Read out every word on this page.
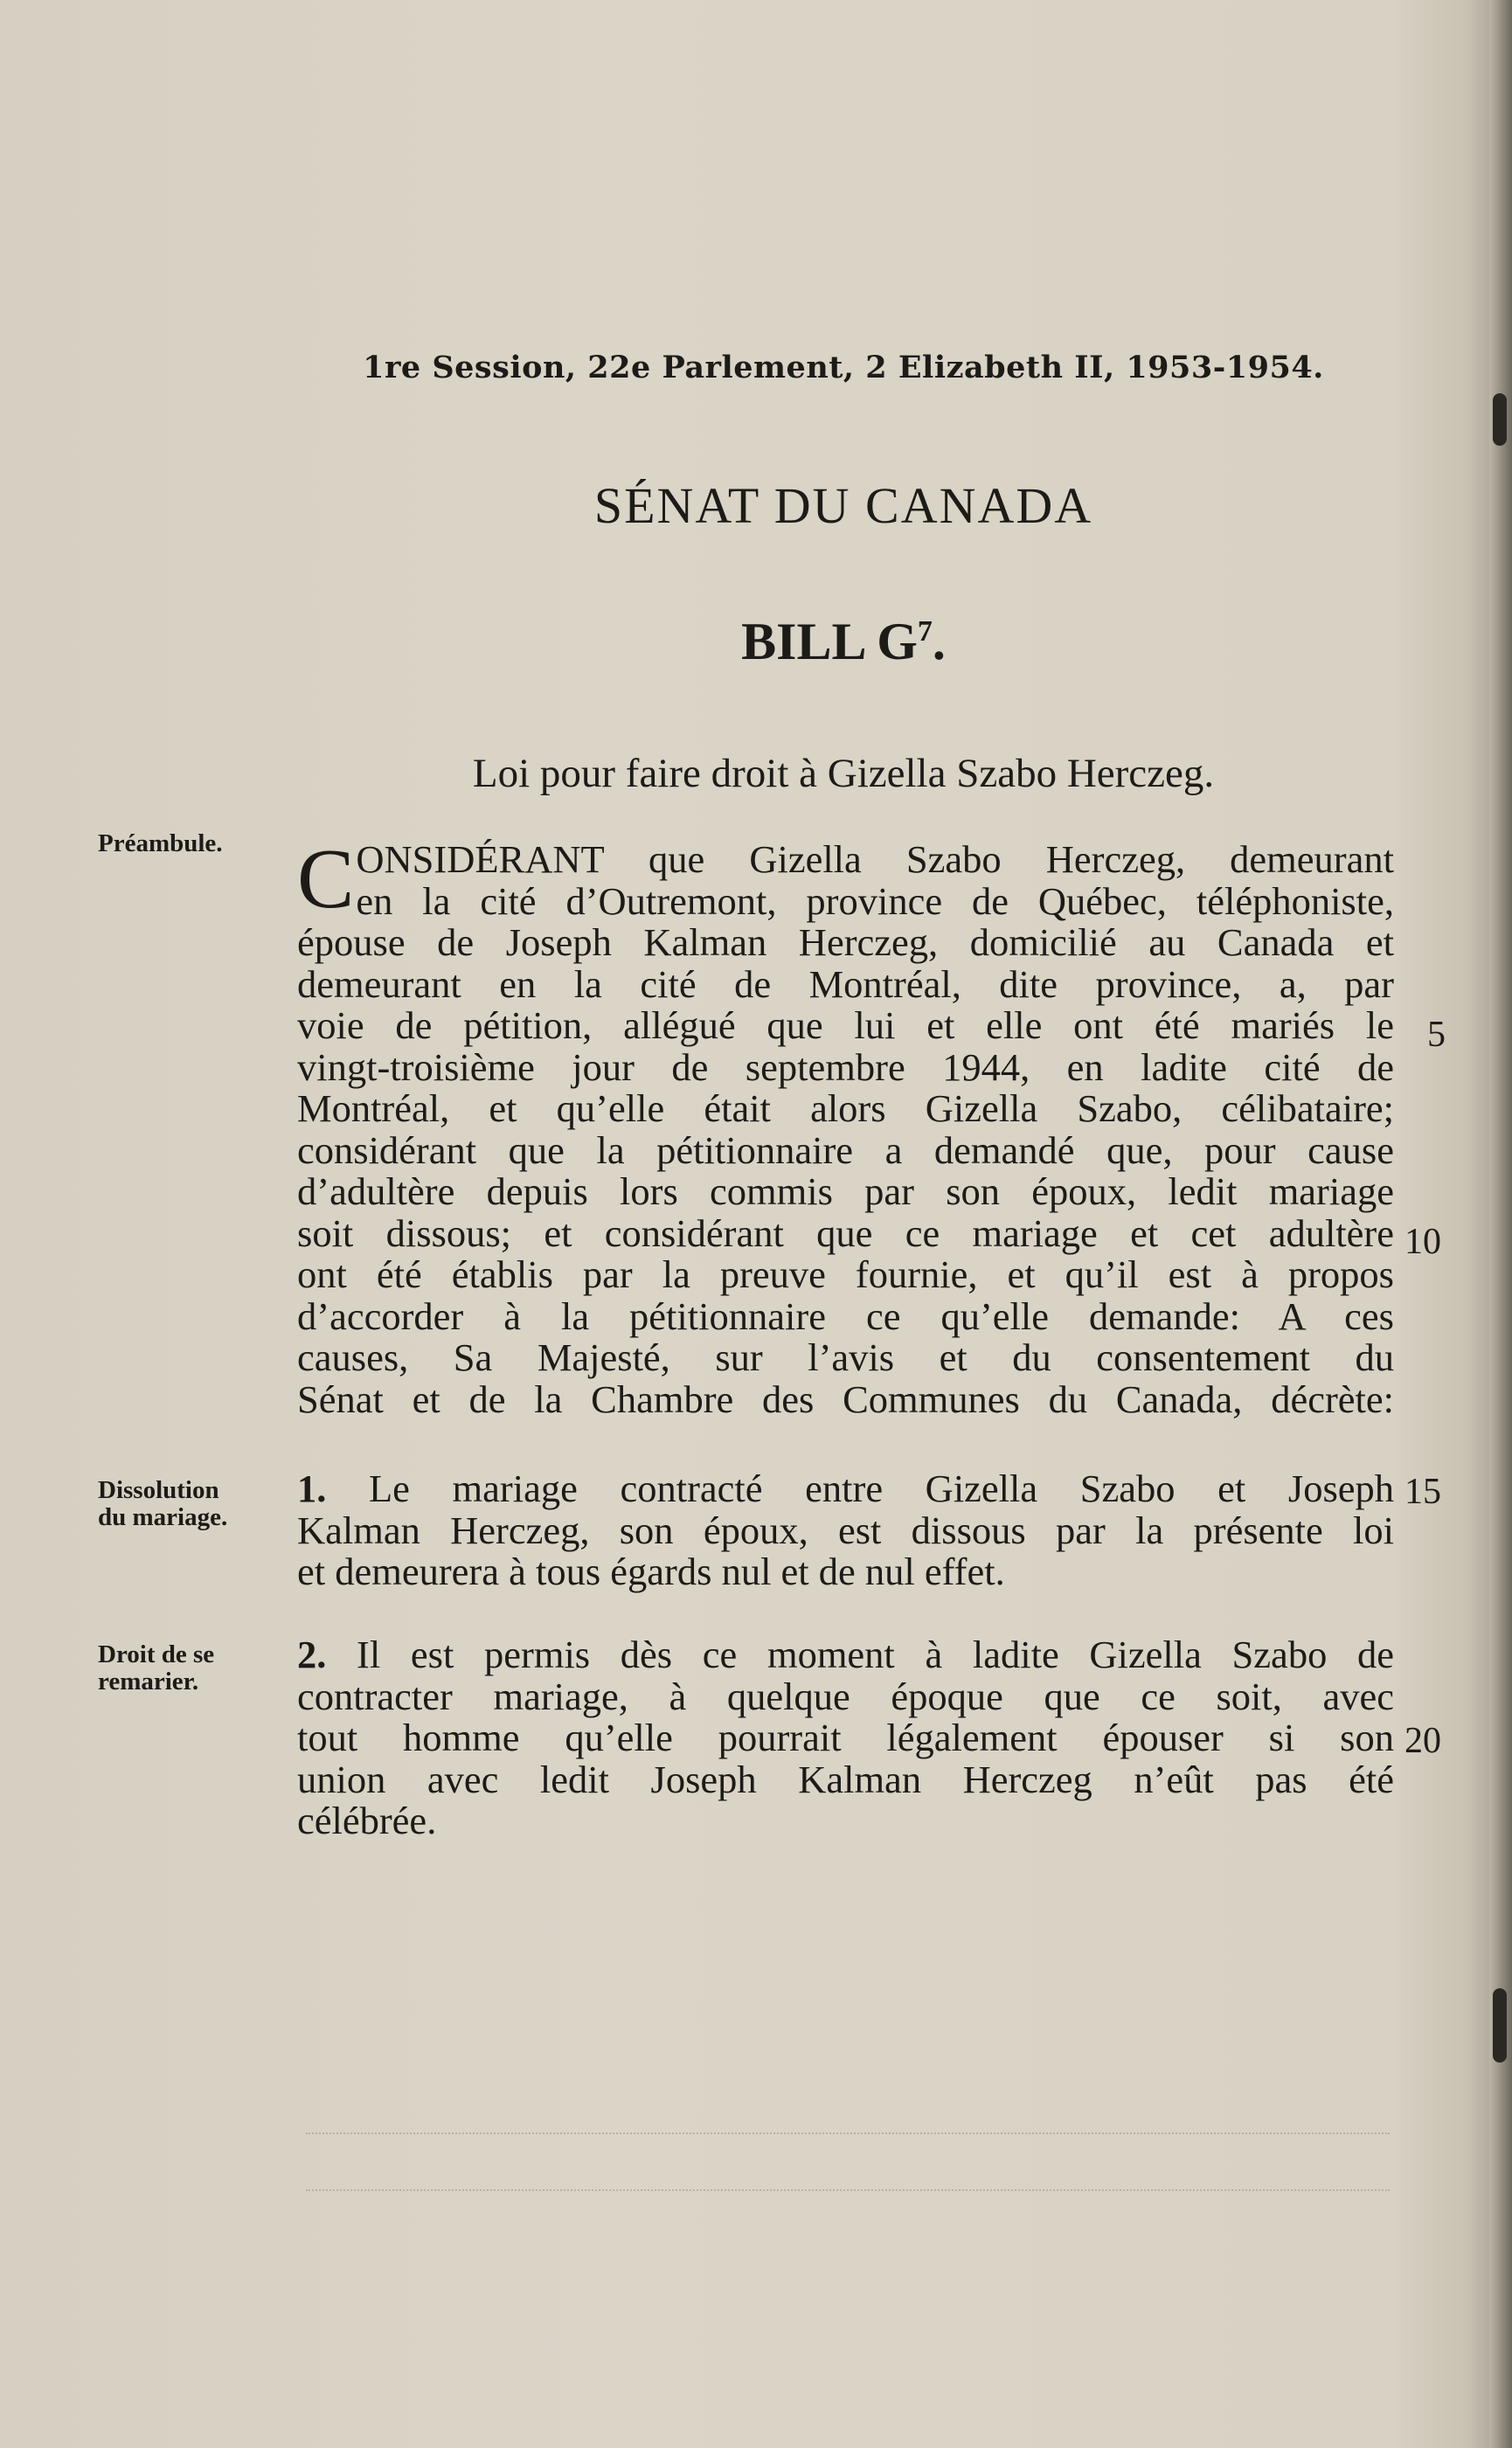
1re Session, 22e Parlement, 2 Elizabeth II, 1953-1954.
SÉNAT DU CANADA
BILL $G^7$.
Loi pour faire droit à Gizella Szabo Herczeg.
Préambule.
Dissolution
du mariage.
Droit de se
remarier.
C ONSIDÉRANT que Gizella Szabo Herczeg, demeurant
en la cité d’Outremont, province de Québec, téléphoniste,
épouse de Joseph Kalman Herczeg, domicilié au Canada et
demeurant en la cité de Montréal, dite province, a, par
voie de pétition, allégué que lui et elle ont été mariés le
vingt-troisième jour de septembre 1944, en ladite cité de
Montréal, et qu’elle était alors Gizella Szabo, célibataire;
considérant que la pétitionnaire a demandé que, pour cause
d’adultère depuis lors commis par son époux, ledit mariage
soit dissous; et considérant que ce mariage et cet adultère
ont été établis par la preuve fournie, et qu’il est à propos
d’accorder à la pétitionnaire ce qu’elle demande: A ces
causes, Sa Majesté, sur l’avis et du consentement du
Sénat et de la Chambre des Communes du Canada, décrète:
1. Le mariage contracté entre Gizella Szabo et Joseph
Kalman Herczeg, son époux, est dissous par la présente loi
et demeurera à tous égards nul et de nul effet.
2. Il est permis dès ce moment à ladite Gizella Szabo de
contracter mariage, à quelque époque que ce soit, avec
tout homme qu’elle pourrait légalement épouser si son
union avec ledit Joseph Kalman Herczeg n’eût pas été
célébrée.
5
10
15
20
